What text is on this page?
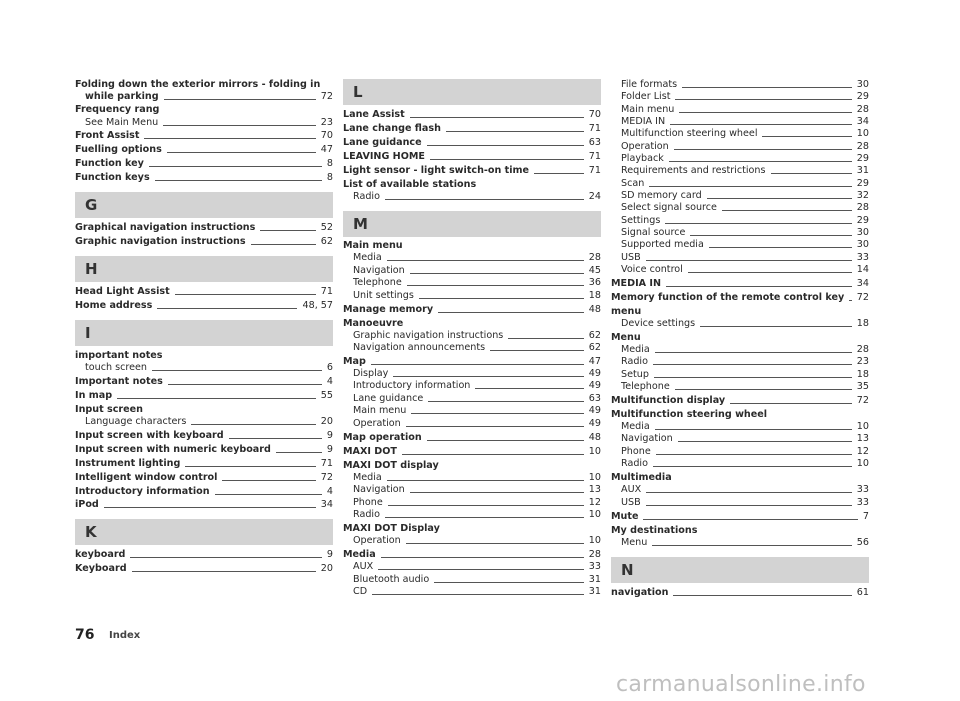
Folding down the exterior mirrors - folding in
while parking	72
Frequency rang
See Main Menu	23
Front Assist	70
Fuelling options	47
Function key	8
Function keys	8
G
Graphical navigation instructions	52
Graphic navigation instructions	62
H
Head Light Assist	71
Home address	48, 57
I
important notes
touch screen	6
Important notes	4
In map	55
Input screen
Language characters	20
Input screen with keyboard	9
Input screen with numeric keyboard	9
Instrument lighting	71
Intelligent window control	72
Introductory information	4
iPod	34
K
keyboard	9
Keyboard	20
L
Lane Assist	70
Lane change flash	71
Lane guidance	63
LEAVING HOME	71
Light sensor - light switch-on time	71
List of available stations
Radio	24
M
Main menu
Media	28
Navigation	45
Telephone	36
Unit settings	18
Manage memory	48
Manoeuvre
Graphic navigation instructions	62
Navigation announcements	62
Map	47
Display	49
Introductory information	49
Lane guidance	63
Main menu	49
Operation	49
Map operation	48
MAXI DOT	10
MAXI DOT display
Media	10
Navigation	13
Phone	12
Radio	10
MAXI DOT Display
Operation	10
Media	28
AUX	33
Bluetooth audio	31
CD	31
File formats	30
Folder List	29
Main menu	28
MEDIA IN	34
Multifunction steering wheel	10
Operation	28
Playback	29
Requirements and restrictions	31
Scan	29
SD memory card	32
Select signal source	28
Settings	29
Signal source	30
Supported media	30
USB	33
Voice control	14
MEDIA IN	34
Memory function of the remote control key 72
menu
Device settings	18
Menu
Media	28
Radio	23
Setup	18
Telephone	35
Multifunction display	72
Multifunction steering wheel
Media	10
Navigation	13
Phone	12
Radio	10
Multimedia
AUX	33
USB	33
Mute	7
My destinations
Menu	56
N
navigation	61
76 Index
carmanualsonline.info
